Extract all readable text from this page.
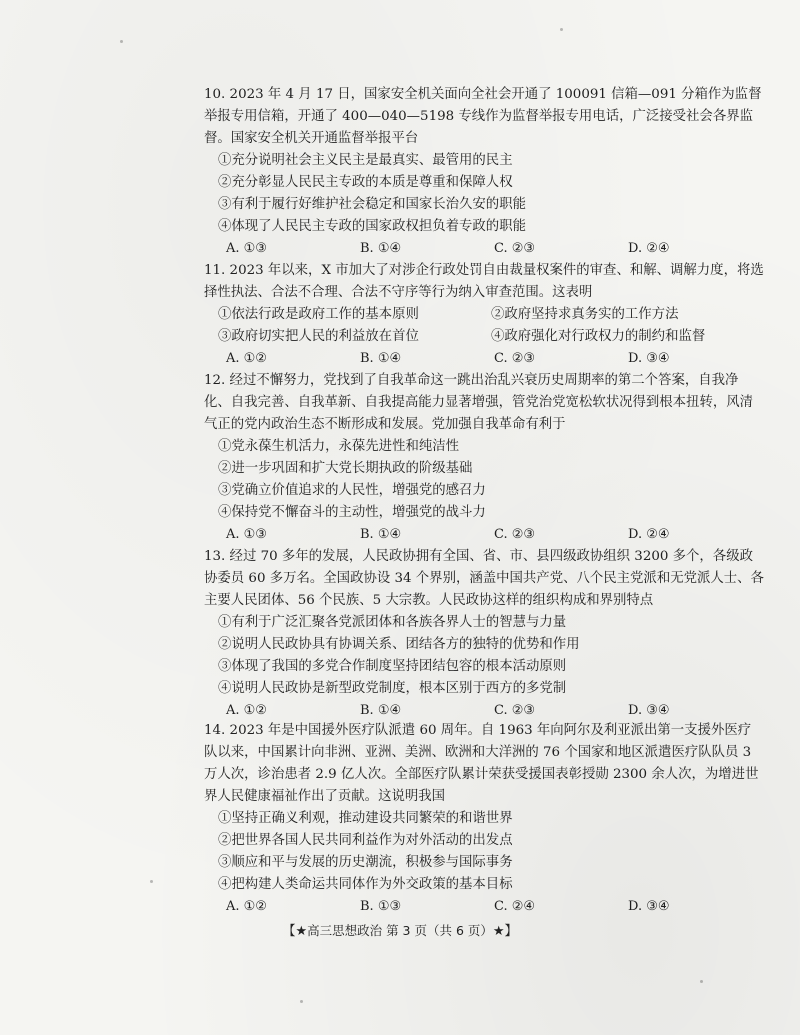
10. 2023 年 4 月 17 日，国家安全机关面向全社会开通了 100091 信箱—091 分箱作为监督举报专用信箱，开通了 400—040—5198 专线作为监督举报专用电话，广泛接受社会各界监督。国家安全机关开通监督举报平台

①充分说明社会主义民主是最真实、最管用的民主

②充分彰显人民民主专政的本质是尊重和保障人权

③有利于履行好维护社会稳定和国家长治久安的职能

④体现了人民民主专政的国家政权担负着专政的职能

A. ①③	B. ①④	C. ②③	D. ②④

11. 2023 年以来，X 市加大了对涉企行政处罚自由裁量权案件的审查、和解、调解力度，将选择性执法、合法不合理、合法不守序等行为纳入审查范围。这表明

①依法行政是政府工作的基本原则	②政府坚持求真务实的工作方法
③政府切实把人民的利益放在首位	④政府强化对行政权力的制约和监督
A. ①②	B. ①④	C. ②③	D. ③④

12. 经过不懈努力，党找到了自我革命这一跳出治乱兴衰历史周期率的第二个答案，自我净化、自我完善、自我革新、自我提高能力显著增强，管党治党宽松软状况得到根本扭转，风清气正的党内政治生态不断形成和发展。党加强自我革命有利于

①党永葆生机活力，永葆先进性和纯洁性

②进一步巩固和扩大党长期执政的阶级基础

③党确立价值追求的人民性，增强党的感召力

④保持党不懈奋斗的主动性，增强党的战斗力

A. ①③	B. ①④	C. ②③	D. ②④

13. 经过 70 多年的发展，人民政协拥有全国、省、市、县四级政协组织 3200 多个，各级政协委员 60 多万名。全国政协设 34 个界别，涵盖中国共产党、八个民主党派和无党派人士、各主要人民团体、56 个民族、5 大宗教。人民政协这样的组织构成和界别特点

①有利于广泛汇聚各党派团体和各族各界人士的智慧与力量

②说明人民政协具有协调关系、团结各方的独特的优势和作用

③体现了我国的多党合作制度坚持团结包容的根本活动原则

④说明人民政协是新型政党制度，根本区别于西方的多党制

A. ①②	B. ①④	C. ②③	D. ③④

14. 2023 年是中国援外医疗队派遣 60 周年。自 1963 年向阿尔及利亚派出第一支援外医疗队以来，中国累计向非洲、亚洲、美洲、欧洲和大洋洲的 76 个国家和地区派遣医疗队队员 3 万人次，诊治患者 2.9 亿人次。全部医疗队累计荣获受援国表彰授勋 2300 余人次，为增进世界人民健康福祉作出了贡献。这说明我国

①坚持正确义利观，推动建设共同繁荣的和谐世界

②把世界各国人民共同利益作为对外活动的出发点

③顺应和平与发展的历史潮流，积极参与国际事务

④把构建人类命运共同体作为外交政策的基本目标

A. ①②	B. ①③	C. ②④	D. ③④
【★高三思想政治 第 3 页（共 6 页）★】
